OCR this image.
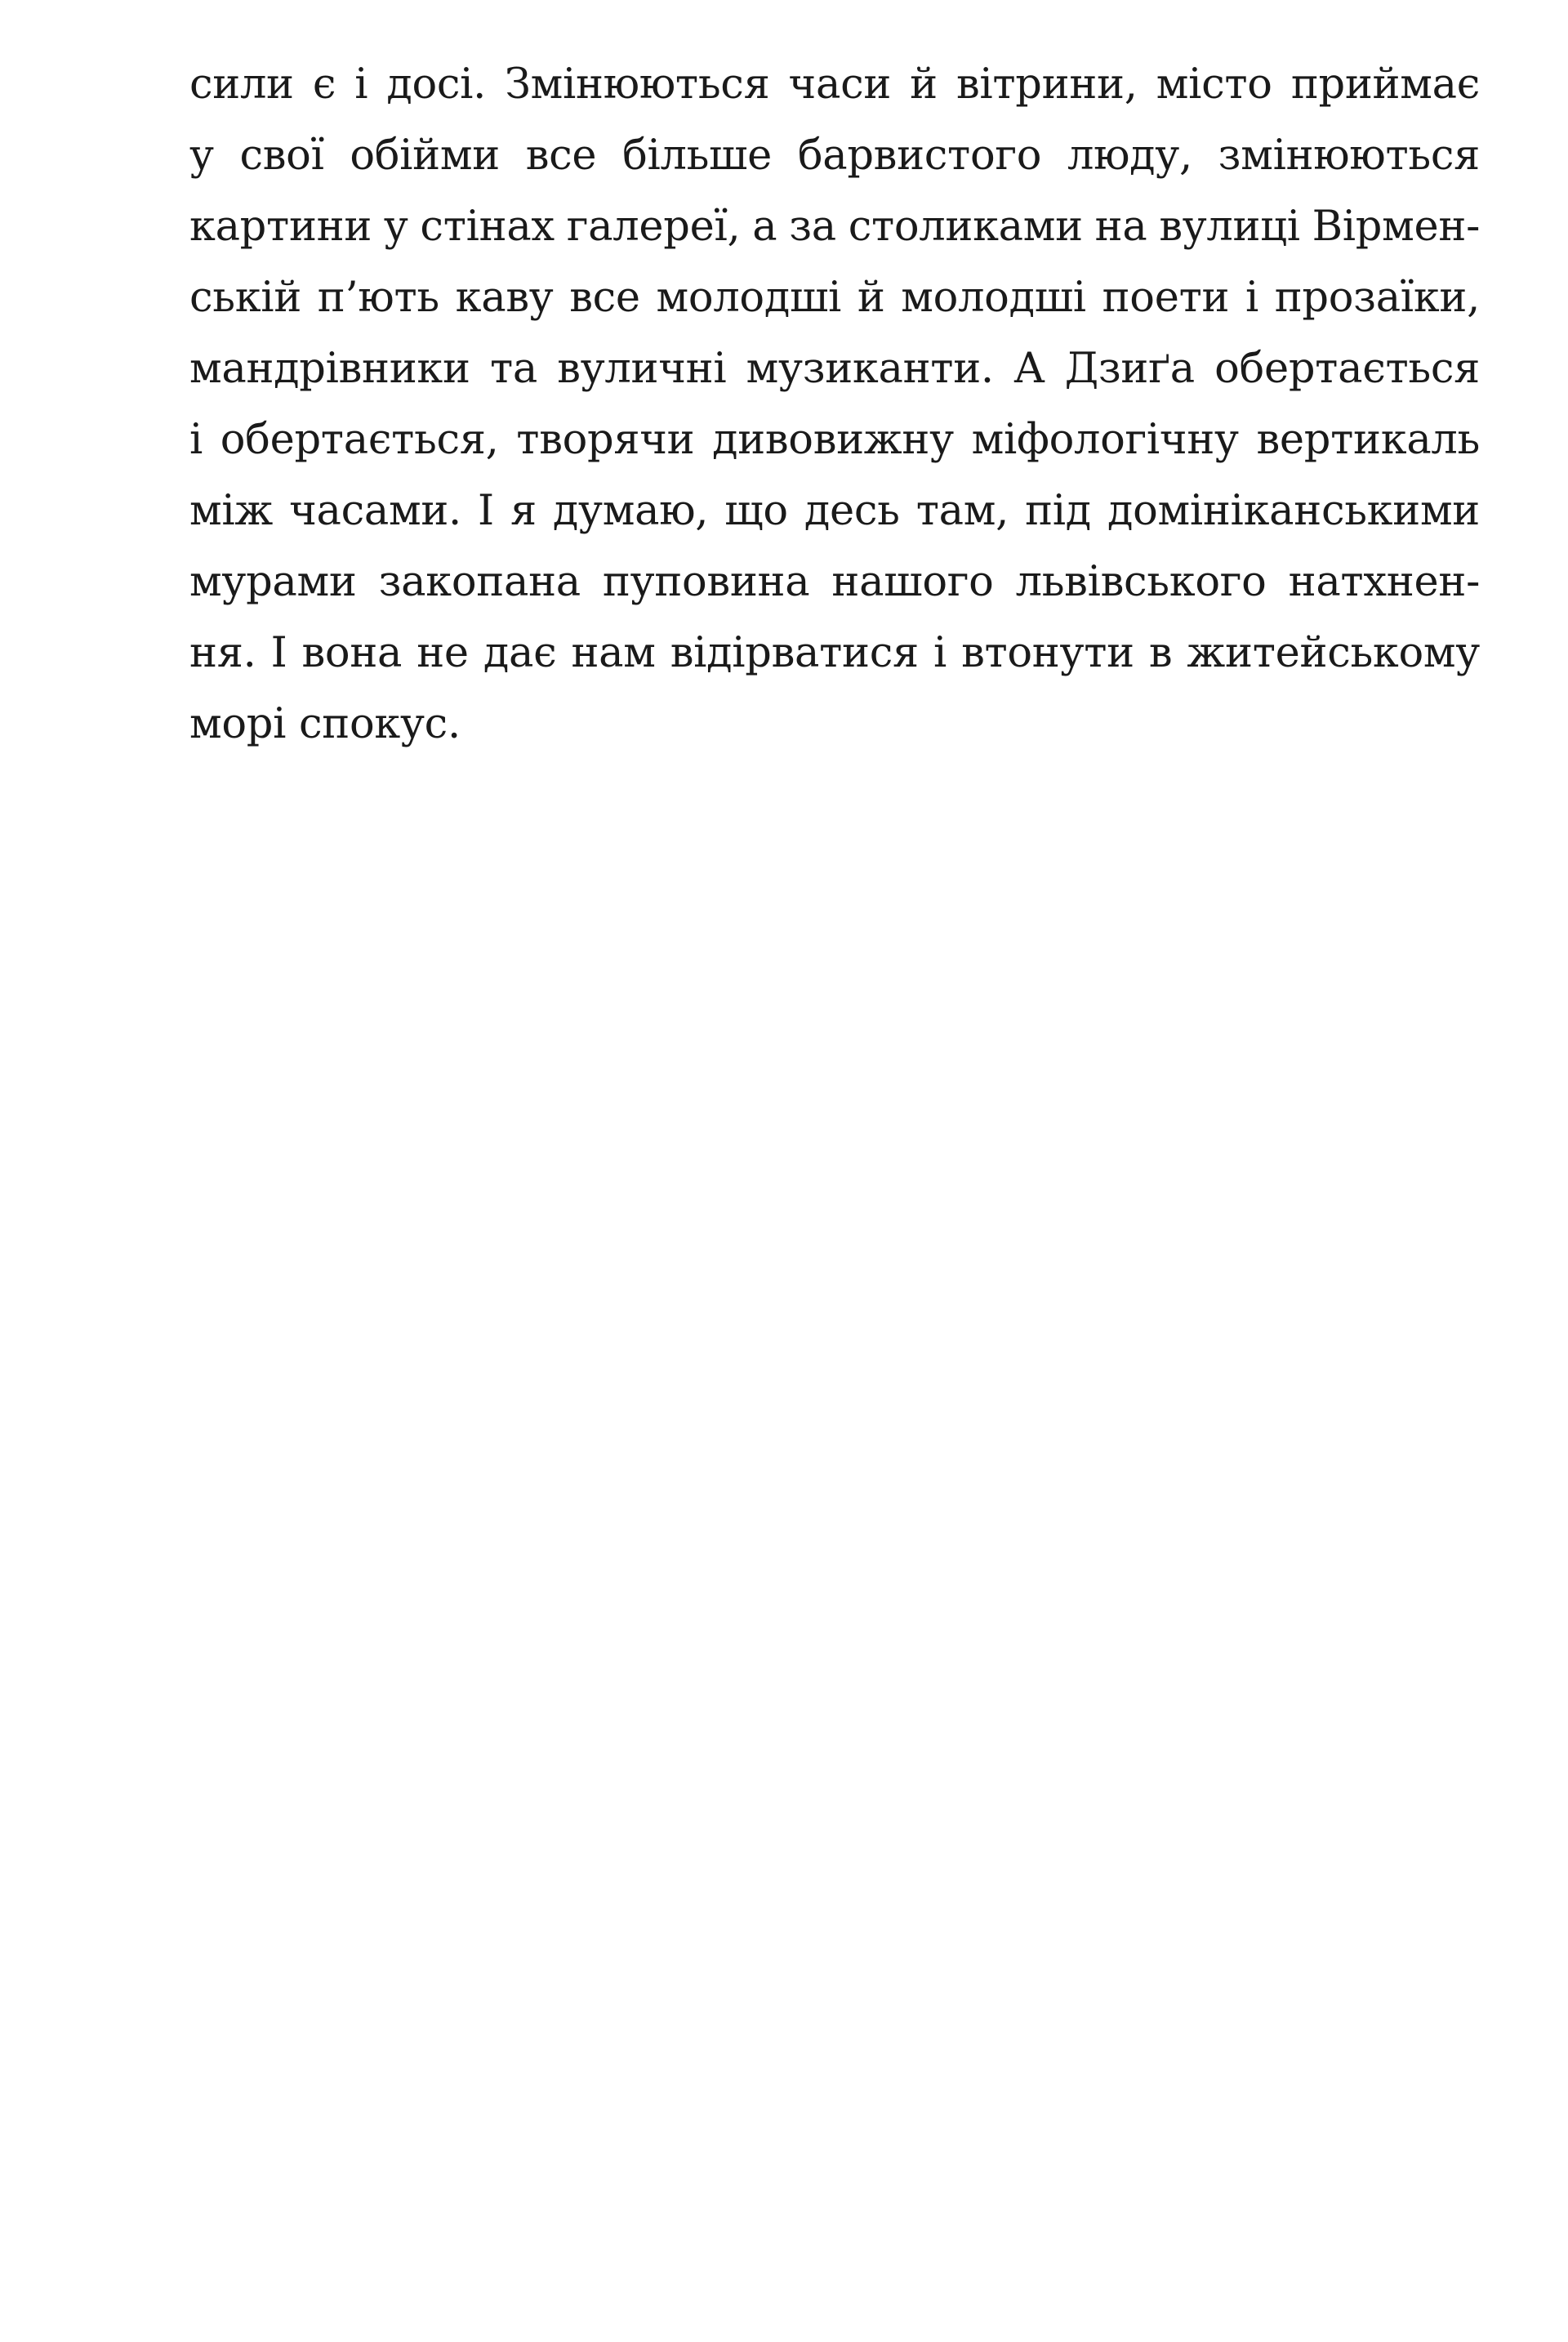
сили є і досі. Змінюються часи й вітрини, місто приймає
у свої обійми все більше барвистого люду, змінюються
картини у стінах галереї, а за столиками на вулиці Вірмен-
ській п’ють каву все молодші й молодші поети і прозаїки,
мандрівники та вуличні музиканти. А Дзиґа обертається
і обертається, творячи дивовижну міфологічну вертикаль
між часами. І я думаю, що десь там, під домініканськими
мурами закопана пуповина нашого львівського натхнен-
ня. І вона не дає нам відірватися і втонути в житейському
морі спокус.
